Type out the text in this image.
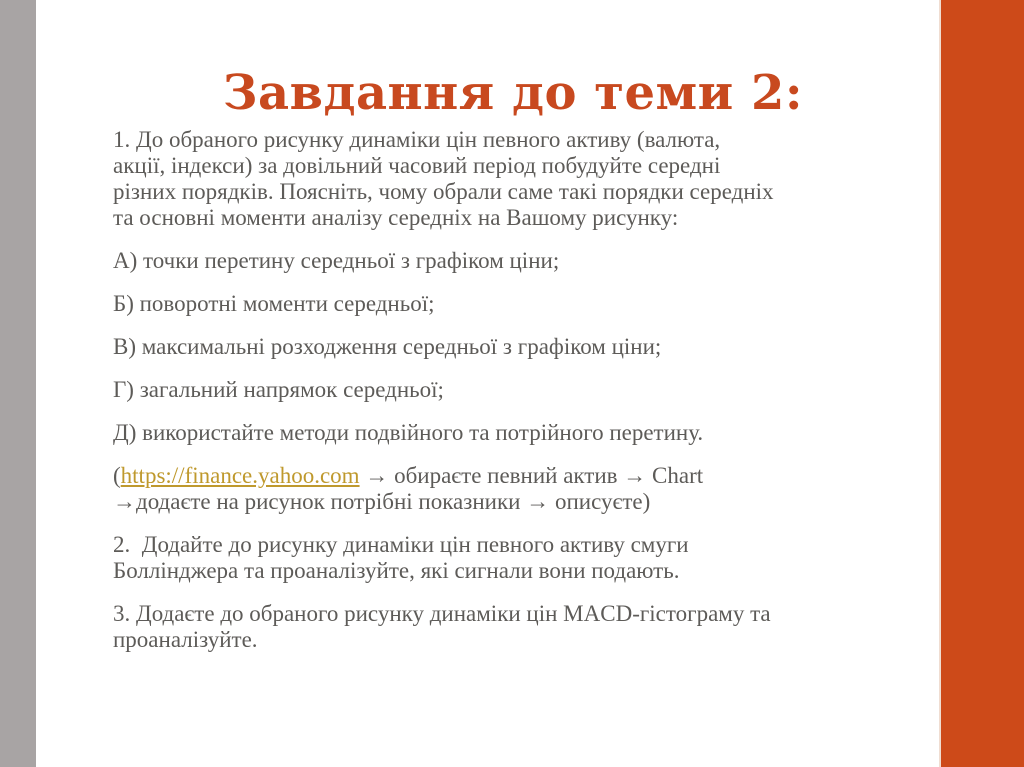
Завдання до теми 2:
1. До обраного рисунку динаміки цін певного активу (валюта,
акції, індекси) за довільний часовий період побудуйте середні
різних порядків. Поясніть, чому обрали саме такі порядки середніх
та основні моменти аналізу середніх на Вашому рисунку:
А) точки перетину середньої з графіком ціни;
Б) поворотні моменти середньої;
В) максимальні розходження середньої з графіком ціни;
Г) загальний напрямок середньої;
Д) використайте методи подвійного та потрійного перетину.
(https://finance.yahoo.com → обираєте певний актив → Chart
→додаєте на рисунок потрібні показники → описуєте)
2.  Додайте до рисунку динаміки цін певного активу смуги
Боллінджера та проаналізуйте, які сигнали вони подають.
3. Додаєте до обраного рисунку динаміки цін MACD-гістограму та
проаналізуйте.
